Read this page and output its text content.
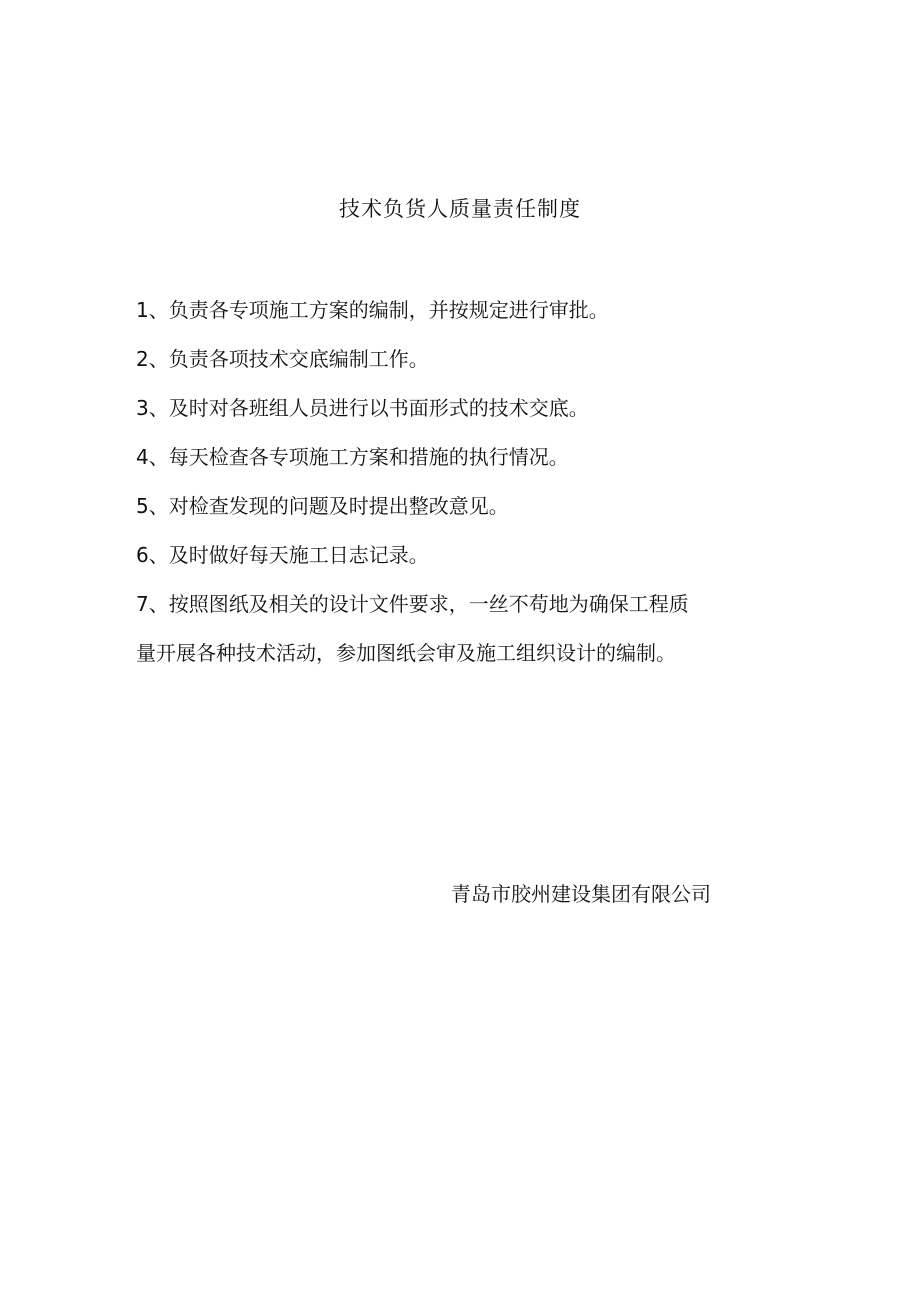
技术负货人质量责任制度
1、负责各专项施工方案的编制，并按规定进行审批。
2、负责各项技术交底编制工作。
3、及时对各班组人员进行以书面形式的技术交底。
4、每天检查各专项施工方案和措施的执行情况。
5、对检查发现的问题及时提出整改意见。
6、及时做好每天施工日志记录。
7、按照图纸及相关的设计文件要求，一丝不苟地为确保工程质
量开展各种技术活动，参加图纸会审及施工组织设计的编制。
青岛市胶州建设集团有限公司
